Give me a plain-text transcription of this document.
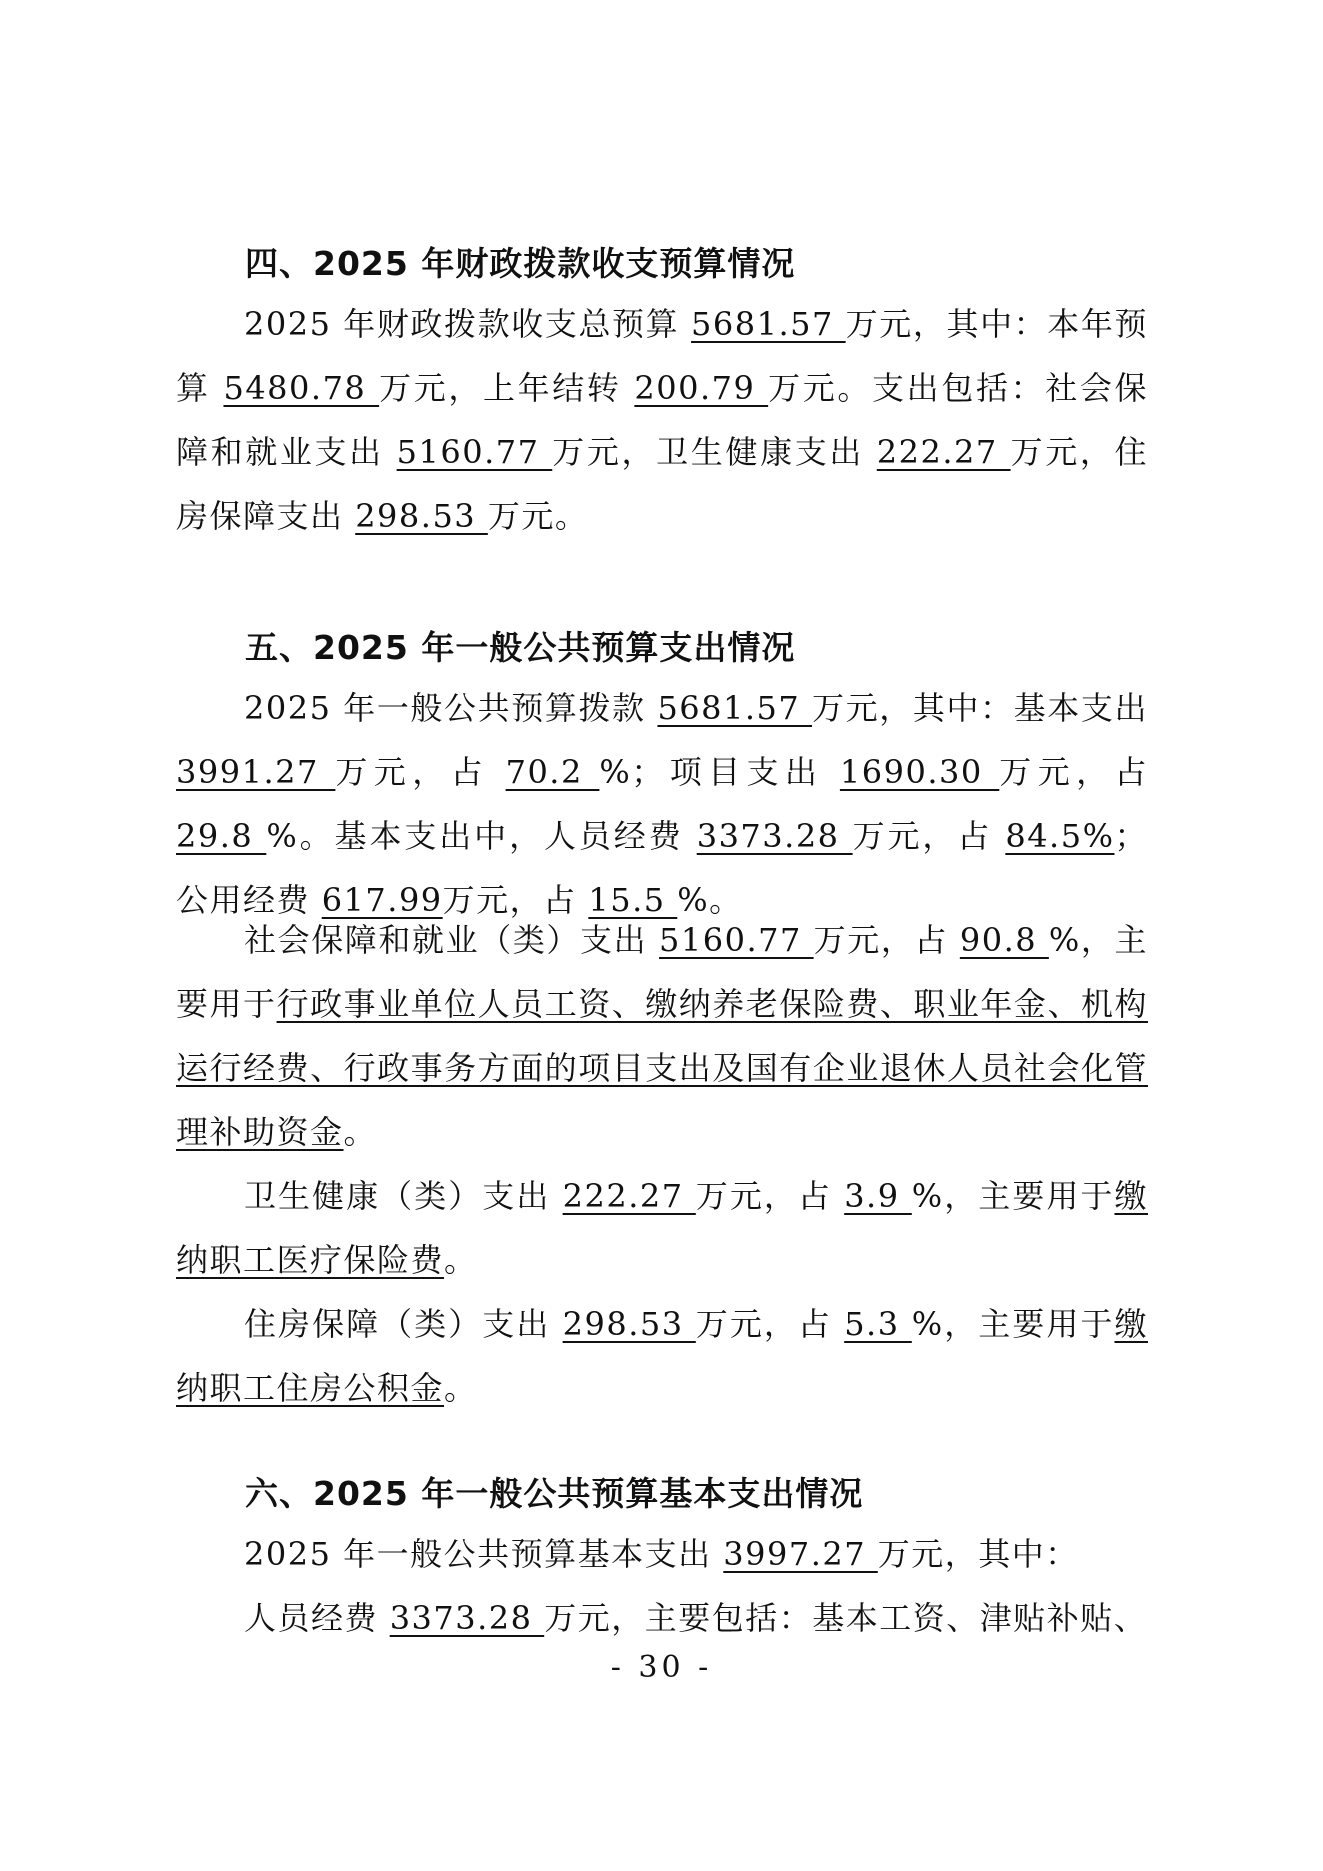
四、2025 年财政拨款收支预算情况

2025 年财政拨款收支总预算 5681.57 万元，其中：本年预算 5480.78 万元，上年结转 200.79 万元。支出包括：社会保障和就业支出 5160.77 万元，卫生健康支出 222.27 万元，住房保障支出 298.53 万元。

五、2025 年一般公共预算支出情况

2025 年一般公共预算拨款 5681.57 万元，其中：基本支出 3991.27 万元，占 70.2 %；项目支出 1690.30 万元，占 29.8 %。基本支出中，人员经费 3373.28 万元，占 84.5%；公用经费 617.99万元，占 15.5 %。

社会保障和就业（类）支出 5160.77 万元，占 90.8 %，主要用于行政事业单位人员工资、缴纳养老保险费、职业年金、机构运行经费、行政事务方面的项目支出及国有企业退休人员社会化管理补助资金。

卫生健康（类）支出 222.27 万元，占 3.9 %，主要用于缴纳职工医疗保险费。

住房保障（类）支出 298.53 万元，占 5.3 %，主要用于缴纳职工住房公积金。

六、2025 年一般公共预算基本支出情况

2025 年一般公共预算基本支出 3997.27 万元，其中：

人员经费 3373.28 万元，主要包括：基本工资、津贴补贴、

- 30 -
